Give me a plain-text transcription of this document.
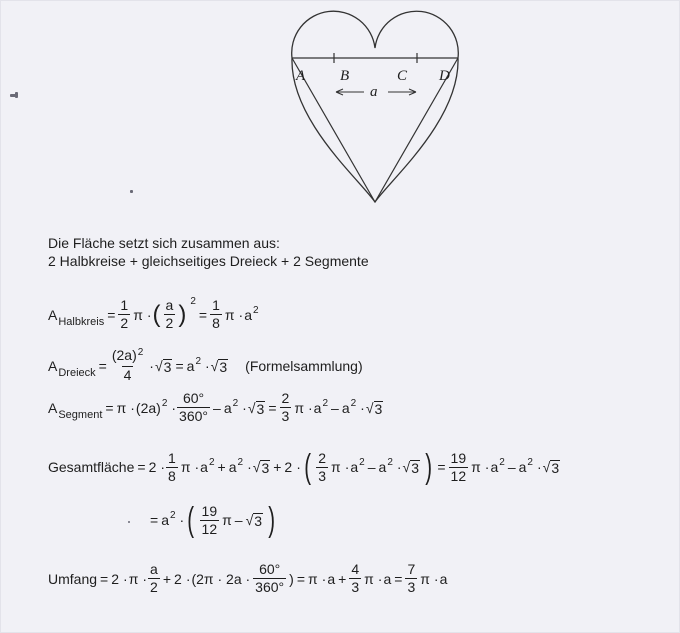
A B	C D
a
Die Fläche setzt sich zusammen aus:
2 Halbkreise + gleichseitiges Dreieck + 2 Segmente
$A_{Halbkreis} = \frac{1}{2}$ π · ( $\frac{a}{2}$ ) 2
= $\frac{1}{8}$ $\pi \cdot a^2$
$A_{Dreieck} = \frac{(2a)^2}{4}$ · √ $3 = a^2$ · √ 3 (Formelsammlung)
$A_{Segment} = \pi \cdot (2a)^2 \cdot \frac{60^\circ}{360^\circ} - a^2$ · √ $3 = \frac{2}{3}$ $\pi \cdot a^2 - a^2$ · √ 3
Gesamtfläche = $2 \cdot \frac{1}{8}$ $\pi \cdot a^2 + a^2$ · √ 3 + 2 · ( $\frac{2}{3}$ $\pi \cdot a^2 - a^2$ · √ 3 ) = $\frac{19}{12}$ $\pi \cdot a^2 - a^2$ · √ 3
= $a^2$ · ( $\frac{19}{12}$ π – √ 3 )
Umfang = $2 \cdot \pi \cdot \frac{a}{2} + 2 \cdot (2\pi \cdot 2a \cdot \frac{60^\circ}{360^\circ}$ ) = $\pi \cdot a + \frac{4}{3}$ $\pi \cdot a = \frac{7}{3}$ π · a
